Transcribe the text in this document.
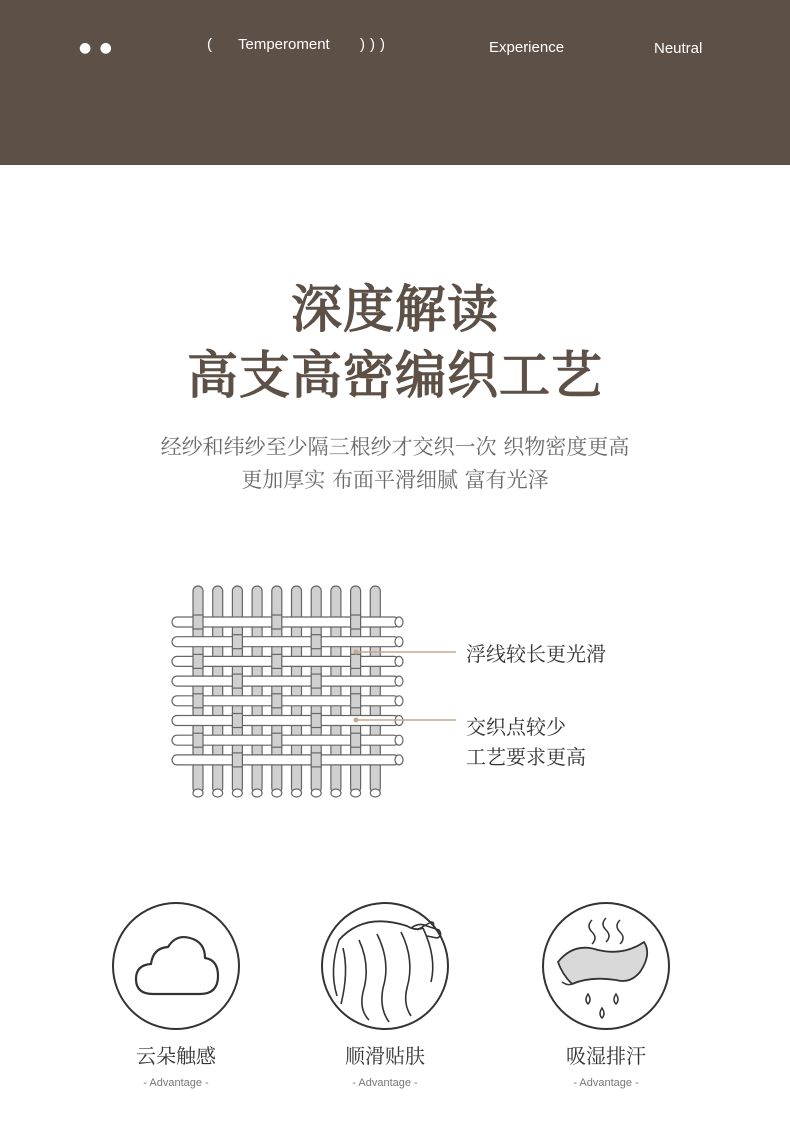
● ●	( Temperoment )))	Experience	Neutral
深度解读
高支高密编织工艺
经纱和纬纱至少隔三根纱才交织一次 织物密度更高
更加厚实 布面平滑细腻 富有光泽
浮线较长更光滑
交织点较少
工艺要求更高
云朵触感
- Advantage -
顺滑贴肤
- Advantage -
吸湿排汗
- Advantage -
